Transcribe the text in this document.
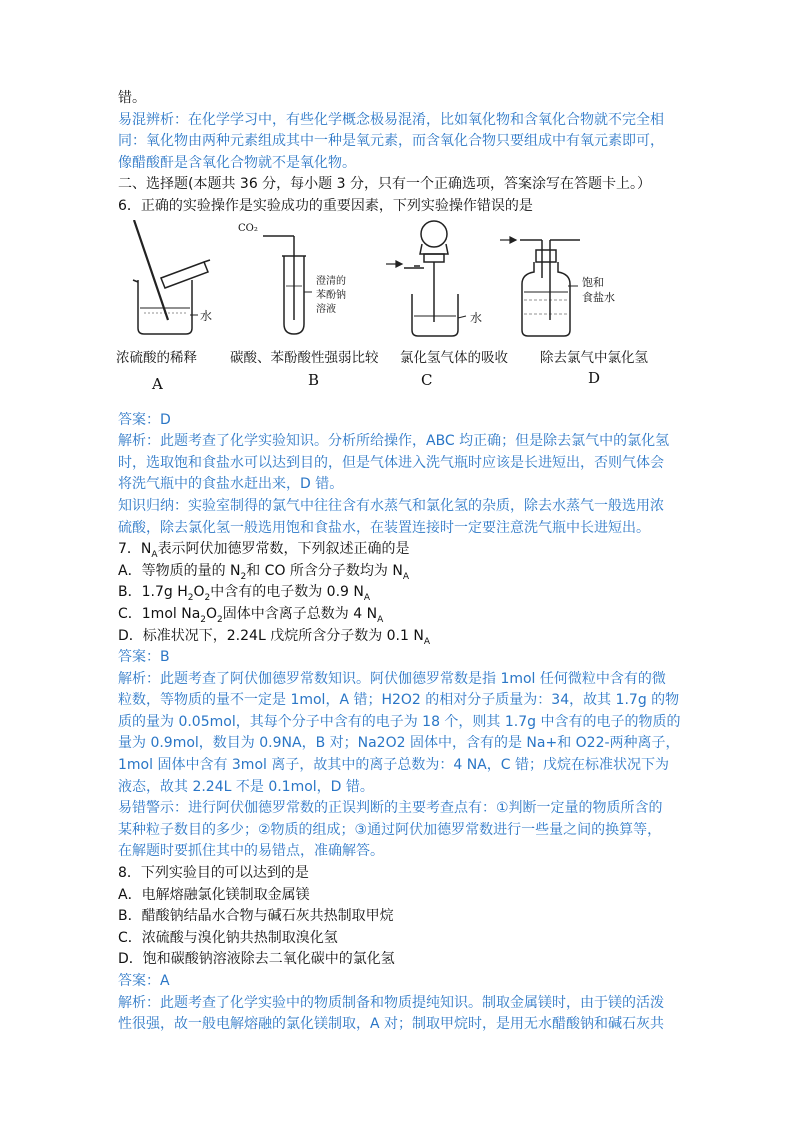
错。
易混辨析：在化学学习中，有些化学概念极易混淆，比如氧化物和含氧化合物就不完全相
同：氧化物由两种元素组成其中一种是氧元素，而含氧化合物只要组成中有氧元素即可，
像醋酸酐是含氧化合物就不是氧化物。
二、选择题(本题共 36 分，每小题 3 分，只有一个正确选项，答案涂写在答题卡上。）
6．正确的实验操作是实验成功的重要因素，下列实验操作错误的是
CO₂
水
澄清的
苯酚钠
溶液
水
饱和
食盐水
浓硫酸的稀释 碳酸、苯酚酸性强弱比较 氯化氢气体的吸收 除去氯气中氯化氢
A	B	C	D
答案：D
解析：此题考查了化学实验知识。分析所给操作，ABC 均正确；但是除去氯气中的氯化氢
时，选取饱和食盐水可以达到目的，但是气体进入洗气瓶时应该是长进短出，否则气体会
将洗气瓶中的食盐水赶出来，D 错。
知识归纳：实验室制得的氯气中往往含有水蒸气和氯化氢的杂质，除去水蒸气一般选用浓
硫酸，除去氯化氢一般选用饱和食盐水，在装置连接时一定要注意洗气瓶中长进短出。
7．$N_A$表示阿伏加德罗常数，下列叙述正确的是
A．等物质的量的 $N_2$和 CO 所含分子数均为 $N_A$
B．1.7g $H_2O_2$中含有的电子数为 0.9 $N_A$
C．1mol $Na_2O_2$固体中含离子总数为 4 $N_A$
D．标准状况下，2.24L 戊烷所含分子数为 0.1 $N_A$
答案：B
解析：此题考查了阿伏伽德罗常数知识。阿伏伽德罗常数是指 1mol 任何微粒中含有的微
粒数，等物质的量不一定是 1mol，A 错；H2O2 的相对分子质量为：34，故其 1.7g 的物
质的量为 0.05mol，其每个分子中含有的电子为 18 个，则其 1.7g 中含有的电子的物质的
量为 0.9mol，数目为 0.9NA，B 对；Na2O2 固体中，含有的是 Na+和 O22-两种离子，
1mol 固体中含有 3mol 离子，故其中的离子总数为：4 NA，C 错；戊烷在标准状况下为
液态，故其 2.24L 不是 0.1mol，D 错。
易错警示：进行阿伏伽德罗常数的正误判断的主要考查点有：①判断一定量的物质所含的
某种粒子数目的多少；②物质的组成；③通过阿伏加德罗常数进行一些量之间的换算等，
在解题时要抓住其中的易错点，准确解答。
8．下列实验目的可以达到的是
A．电解熔融氯化镁制取金属镁
B．醋酸钠结晶水合物与碱石灰共热制取甲烷
C．浓硫酸与溴化钠共热制取溴化氢
D．饱和碳酸钠溶液除去二氧化碳中的氯化氢
答案：A
解析：此题考查了化学实验中的物质制备和物质提纯知识。制取金属镁时，由于镁的活泼
性很强，故一般电解熔融的氯化镁制取，A 对；制取甲烷时，是用无水醋酸钠和碱石灰共
